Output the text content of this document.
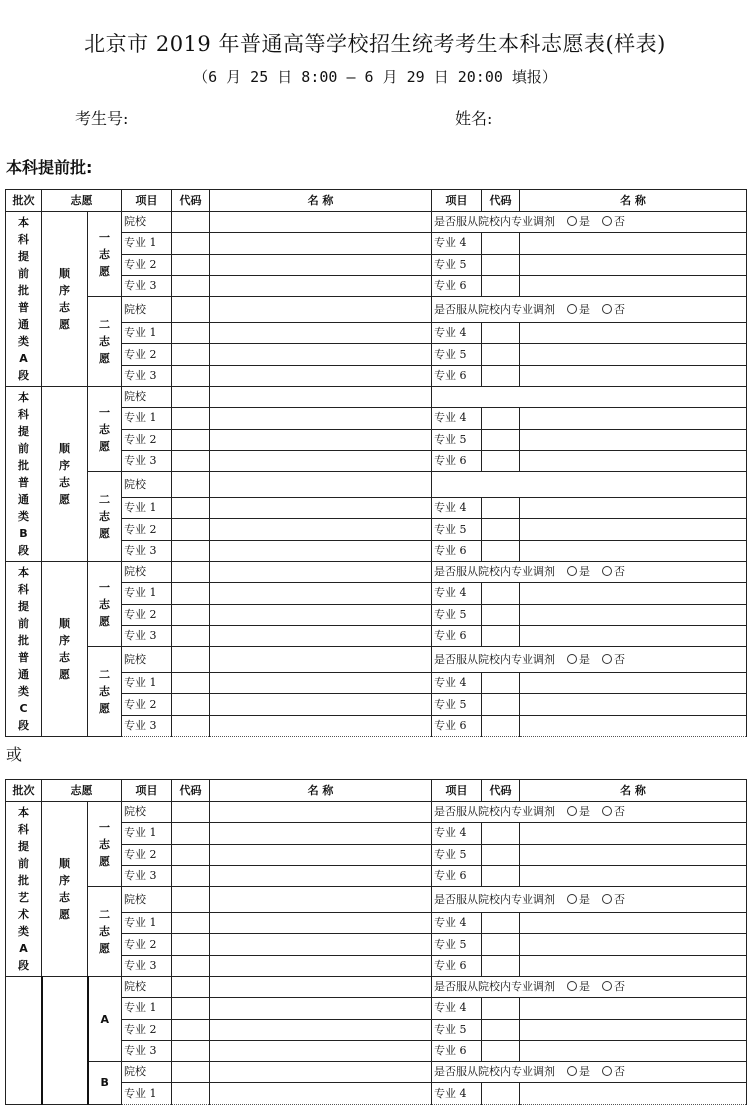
北京市 2019 年普通高等学校招生统考考生本科志愿表(样表)
（6 月 25 日 8:00 — 6 月 29 日 20:00 填报）
考生号:	姓名:
本科提前批:
或
批次	志愿		项目	代码	名 称	项目	代码	名 称
本科提前批普通类A段	顺序志愿	一志愿	院校			是否服从院校内专业调剂 是 否		
			专业 1			专业 4		
			专业 2			专业 5		
			专业 3			专业 6		
		二志愿	院校			是否服从院校内专业调剂 是 否		
			专业 1			专业 4		
			专业 2			专业 5		
			专业 3			专业 6		
本科提前批普通类B段	顺序志愿	一志愿	院校					
			专业 1			专业 4		
			专业 2			专业 5		
			专业 3			专业 6		
		二志愿	院校					
			专业 1			专业 4		
			专业 2			专业 5		
			专业 3			专业 6		
本科提前批普通类C段	顺序志愿	一志愿	院校			是否服从院校内专业调剂 是 否		
			专业 1			专业 4		
			专业 2			专业 5		
			专业 3			专业 6		
		二志愿	院校			是否服从院校内专业调剂 是 否		
			专业 1			专业 4		
			专业 2			专业 5		
			专业 3			专业 6		
批次	志愿		项目	代码	名 称	项目	代码	名 称
本科提前批艺术类A段	顺序志愿	一志愿	院校			是否服从院校内专业调剂 是 否		
			专业 1			专业 4		
			专业 2			专业 5		
			专业 3			专业 6		
		二志愿	院校			是否服从院校内专业调剂 是 否		
			专业 1			专业 4		
			专业 2			专业 5		
			专业 3			专业 6		
		A	院校			是否服从院校内专业调剂 是 否		
			专业 1			专业 4		
			专业 2			专业 5		
			专业 3			专业 6		
		B	院校			是否服从院校内专业调剂 是 否		
			专业 1			专业 4		
